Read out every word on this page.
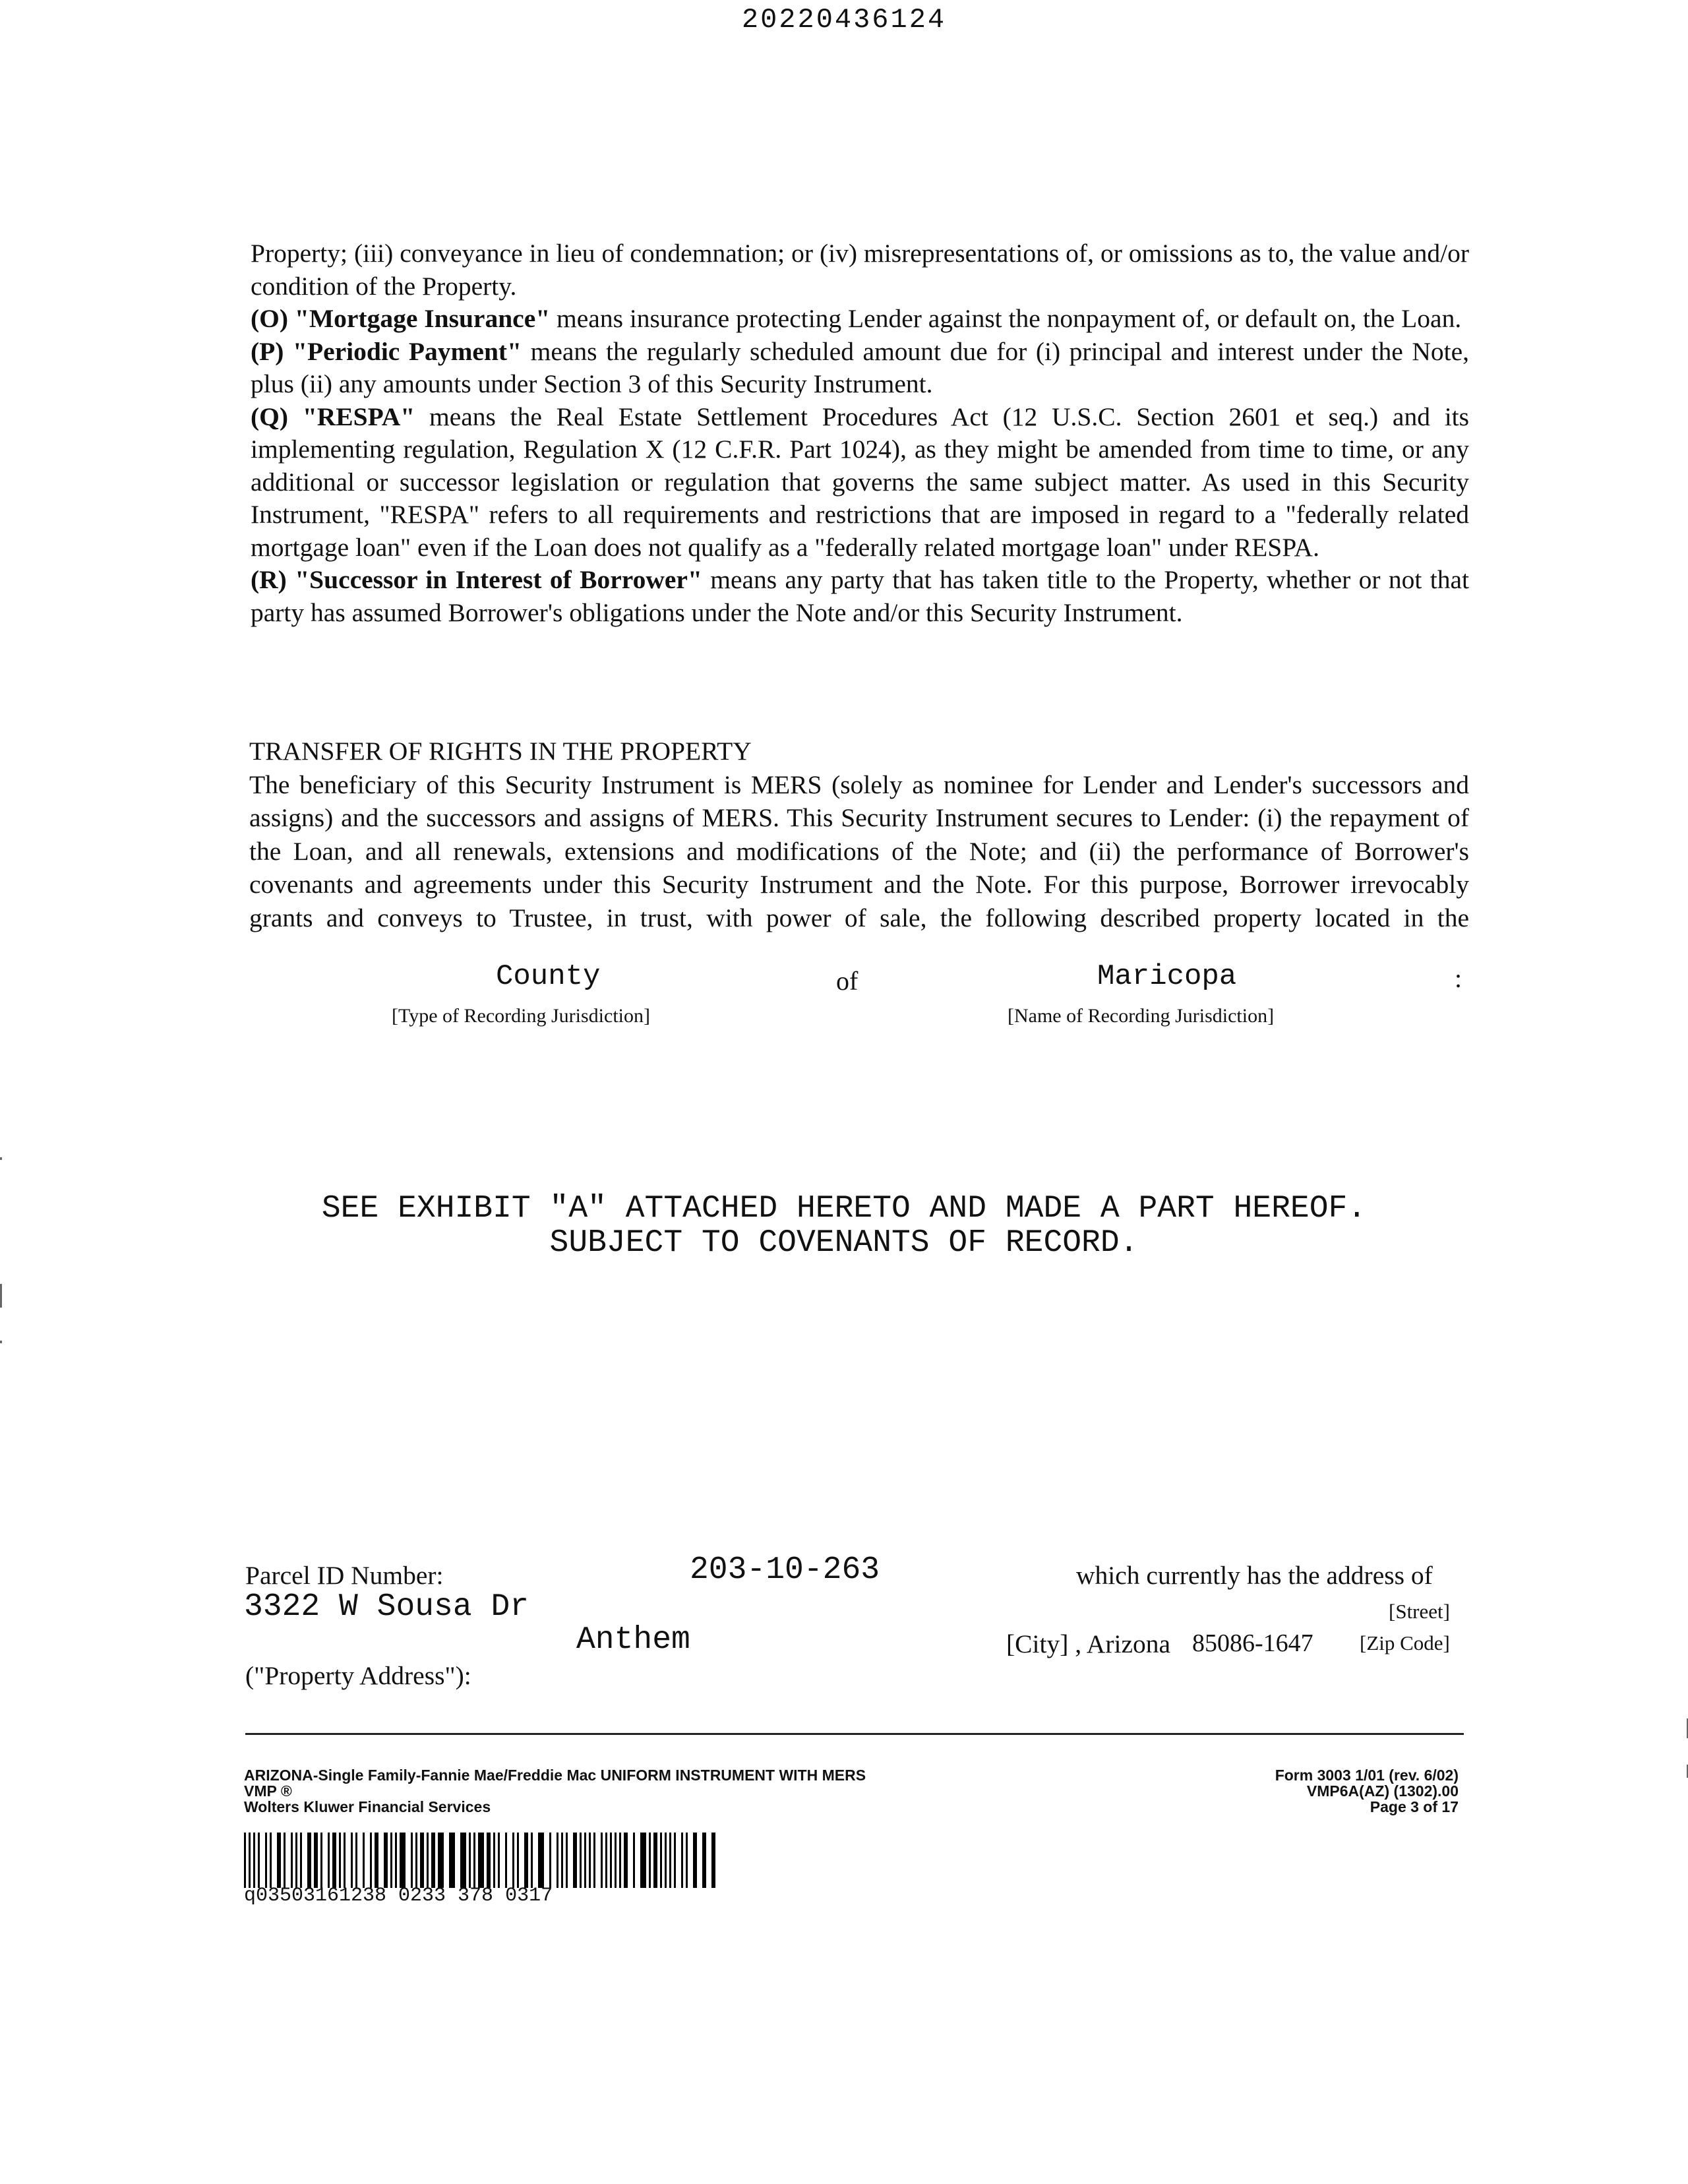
20220436124

Property; (iii) conveyance in lieu of condemnation; or (iv) misrepresentations of, or omissions as to, the value and/or condition of the Property.

(O) "Mortgage Insurance" means insurance protecting Lender against the nonpayment of, or default on, the Loan.

(P) "Periodic Payment" means the regularly scheduled amount due for (i) principal and interest under the Note, plus (ii) any amounts under Section 3 of this Security Instrument.

(Q) "RESPA" means the Real Estate Settlement Procedures Act (12 U.S.C. Section 2601 et seq.) and its implementing regulation, Regulation X (12 C.F.R. Part 1024), as they might be amended from time to time, or any additional or successor legislation or regulation that governs the same subject matter. As used in this Security Instrument, "RESPA" refers to all requirements and restrictions that are imposed in regard to a "federally related mortgage loan" even if the Loan does not qualify as a "federally related mortgage loan" under RESPA.

(R) "Successor in Interest of Borrower" means any party that has taken title to the Property, whether or not that party has assumed Borrower's obligations under the Note and/or this Security Instrument.

TRANSFER OF RIGHTS IN THE PROPERTY

The beneficiary of this Security Instrument is MERS (solely as nominee for Lender and Lender's successors and assigns) and the successors and assigns of MERS. This Security Instrument secures to Lender: (i) the repayment of the Loan, and all renewals, extensions and modifications of the Note; and (ii) the performance of Borrower's covenants and agreements under this Security Instrument and the Note. For this purpose, Borrower irrevocably grants and conveys to Trustee, in trust, with power of sale, the following described property located in the

County	of	Maricopa	:
[Type of Recording Jurisdiction]	[Name of Recording Jurisdiction]
SEE EXHIBIT "A" ATTACHED HERETO AND MADE A PART HEREOF.
SUBJECT TO COVENANTS OF RECORD.
Parcel ID Number:	203-10-263	which currently has the address of
3322 W Sousa Dr	[Street]
Anthem	[City] , Arizona 85086-1647 [Zip Code]
("Property Address"):
ARIZONA-Single Family-Fannie Mae/Freddie Mac UNIFORM INSTRUMENT WITH MERS
VMP ®
Wolters Kluwer Financial Services
Form 3003 1/01 (rev. 6/02)
VMP6A(AZ) (1302).00
Page 3 of 17
q03503161238 0233 378 0317
